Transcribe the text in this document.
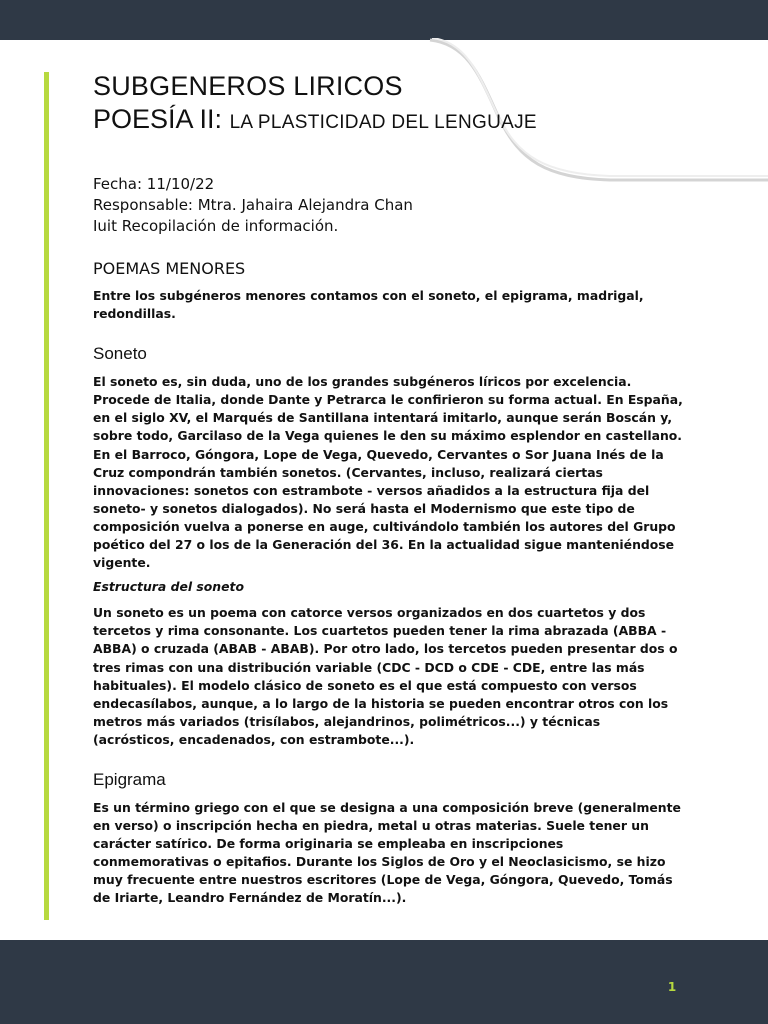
SUBGENEROS LIRICOS
POESÍA II: LA PLASTICIDAD DEL LENGUAJE
Fecha: 11/10/22
Responsable: Mtra. Jahaira Alejandra Chan
Iuit Recopilación de información.
POEMAS MENORES
Entre los subgéneros menores contamos con el soneto, el epigrama, madrigal, redondillas.
Soneto
El soneto es, sin duda, uno de los grandes subgéneros líricos por excelencia. Procede de Italia, donde Dante y Petrarca le confirieron su forma actual. En España, en el siglo XV, el Marqués de Santillana intentará imitarlo, aunque serán Boscán y, sobre todo, Garcilaso de la Vega quienes le den su máximo esplendor en castellano. En el Barroco, Góngora, Lope de Vega, Quevedo, Cervantes o Sor Juana Inés de la Cruz compondrán también sonetos. (Cervantes, incluso, realizará ciertas innovaciones: sonetos con estrambote - versos añadidos a la estructura fija del soneto- y sonetos dialogados). No será hasta el Modernismo que este tipo de composición vuelva a ponerse en auge, cultivándolo también los autores del Grupo poético del 27 o los de la Generación del 36. En la actualidad sigue manteniéndose vigente.
Estructura del soneto
Un soneto es un poema con catorce versos organizados en dos cuartetos y dos tercetos y rima consonante. Los cuartetos pueden tener la rima abrazada (ABBA - ABBA) o cruzada (ABAB - ABAB). Por otro lado, los tercetos pueden presentar dos o tres rimas con una distribución variable (CDC - DCD o CDE - CDE, entre las más habituales). El modelo clásico de soneto es el que está compuesto con versos endecasílabos, aunque, a lo largo de la historia se pueden encontrar otros con los metros más variados (trisílabos, alejandrinos, polimétricos...) y técnicas (acrósticos, encadenados, con estrambote...).
Epigrama
Es un término griego con el que se designa a una composición breve (generalmente en verso) o inscripción hecha en piedra, metal u otras materias. Suele tener un carácter satírico. De forma originaria se empleaba en inscripciones conmemorativas o epitafios. Durante los Siglos de Oro y el Neoclasicismo, se hizo muy frecuente entre nuestros escritores (Lope de Vega, Góngora, Quevedo, Tomás de Iriarte, Leandro Fernández de Moratín...).
1
